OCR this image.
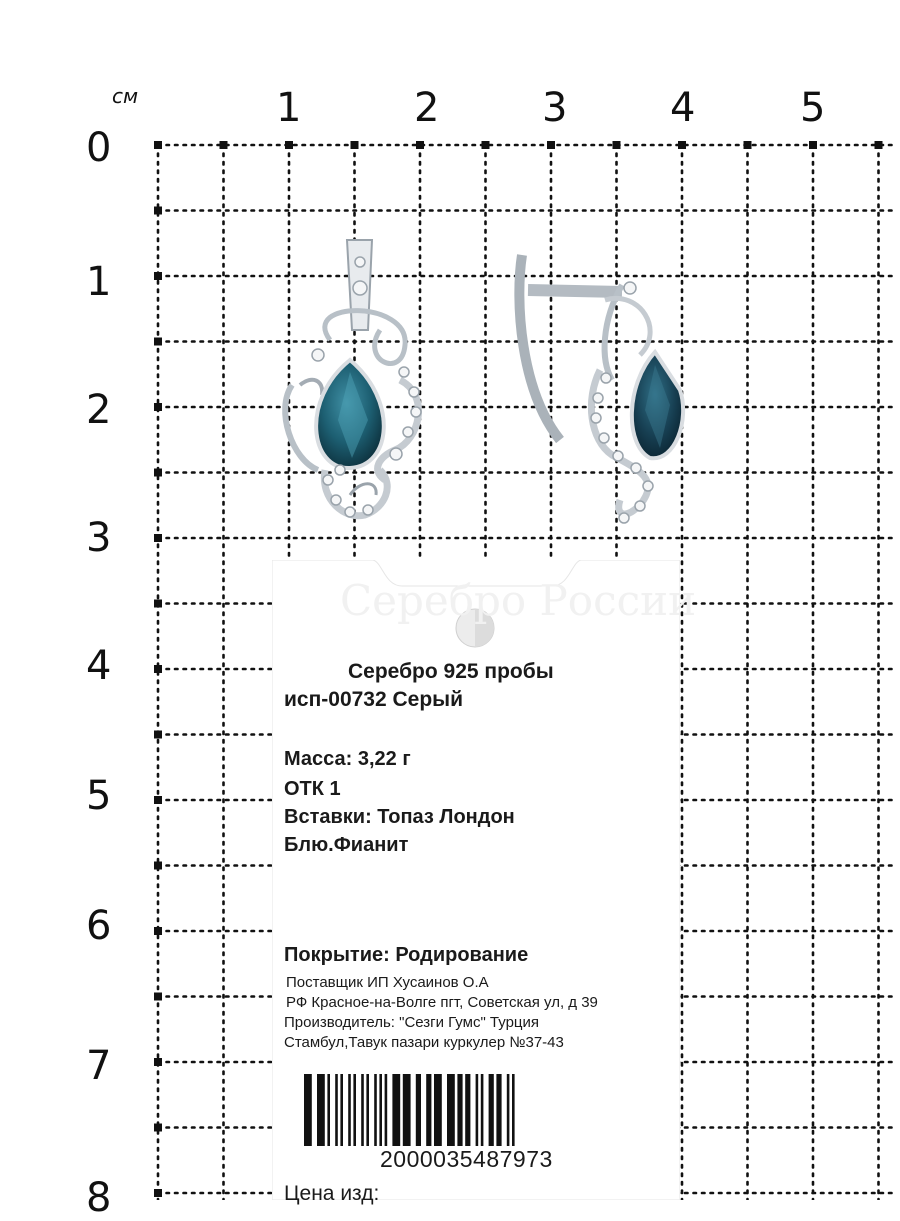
см	1	2	3	4	5
0
1
2
3
4
5
6
7
8
Серебро 925 пробы
исп-00732 Серый
Масса: 3,22 г
ОТК 1
Вставки: Топаз Лондон
Блю.Фианит
Покрытие: Родирование
Поставщик ИП Хусаинов О.А
РФ Красное-на-Волге пгт, Советская ул, д 39
Производитель: "Сезги Гумс" Турция
Стамбул,Тавук пазари куркулер №37-43
2000035487973
Цена изд:
Серебро России
